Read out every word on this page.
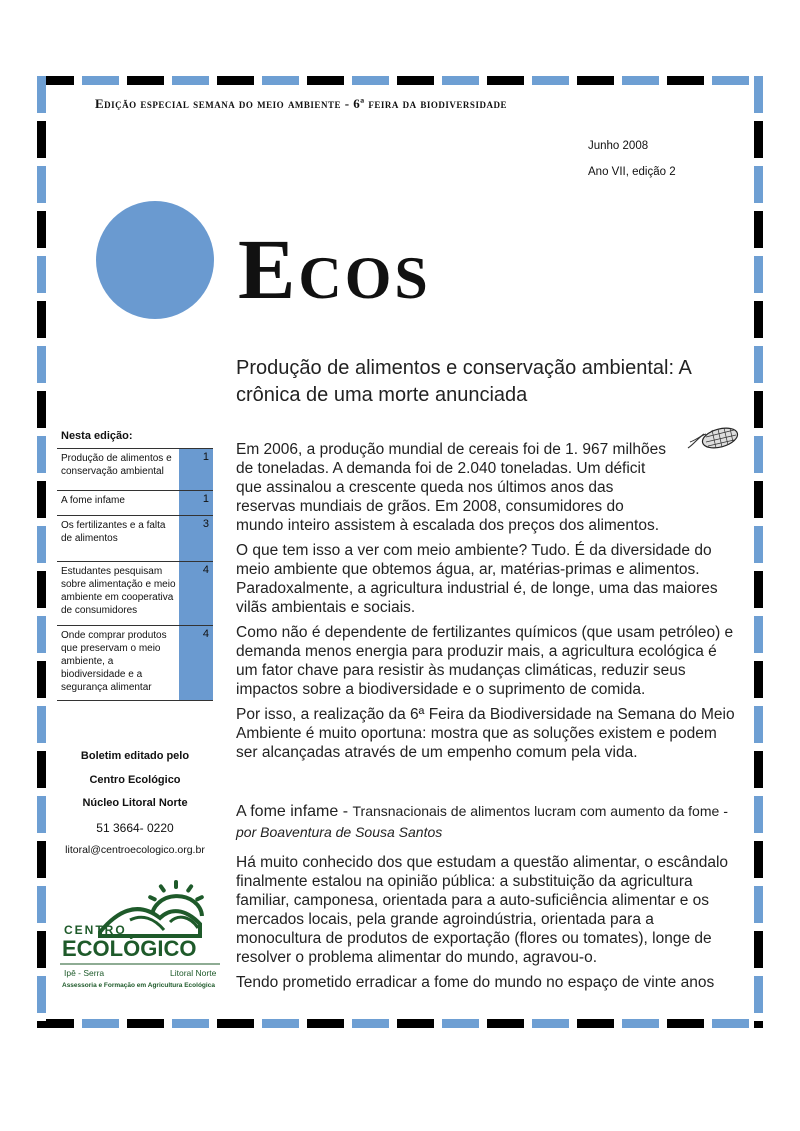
Edição especial semana do meio ambiente - 6ª feira da biodiversidade
Junho 2008
Ano VII, edição 2
Ecos
Produção de alimentos e conservação ambiental: A crônica de uma morte anunciada
Nesta edição:
Produção de alimentos e conservação ambiental
1
A fome infame	1
Os fertilizantes e a falta de alimentos
3
Estudantes pesquisam sobre alimentação e meio ambiente em cooperativa de consumidores
4
Onde comprar produtos que preservam o meio ambiente, a biodiversidade e a segurança alimentar
4
Boletim editado pelo
Centro Ecológico
Núcleo Litoral Norte
51 3664- 0220
litoral@centroecologico.org.br
CENTRO
ECOLÓGICO
Ipê - Serra	Litoral Norte
Assessoria e Formação em Agricultura Ecológica

Em 2006, a produção mundial de cereais foi de 1. 967 milhões de toneladas. A demanda foi de 2.040 toneladas. Um déficit que assinalou a crescente queda nos últimos anos das reservas mundiais de grãos. Em 2008, consumidores do mundo inteiro assistem à escalada dos preços dos alimentos.

O que tem isso a ver com meio ambiente? Tudo. É da diversidade do meio ambiente que obtemos água, ar, matérias-primas e alimentos. Paradoxalmente, a agricultura industrial é, de longe, uma das maiores vilãs ambientais e sociais.

Como não é dependente de fertilizantes químicos (que usam petróleo) e demanda menos energia para produzir mais, a agricultura ecológica é um fator chave para resistir às mudanças climáticas, reduzir seus impactos sobre a biodiversidade e o suprimento de comida.

Por isso, a realização da 6ª Feira da Biodiversidade na Semana do Meio Ambiente é muito oportuna: mostra que as soluções existem e podem ser alcançadas através de um empenho comum pela vida.

A fome infame - Transnacionais de alimentos lucram com aumento da fome - por Boaventura de Sousa Santos

Há muito conhecido dos que estudam a questão alimentar, o escândalo finalmente estalou na opinião pública: a substituição da agricultura familiar, camponesa, orientada para a auto-suficiência alimentar e os mercados locais, pela grande agroindústria, orientada para a monocultura de produtos de exportação (flores ou tomates), longe de resolver o problema alimentar do mundo, agravou-o.

Tendo prometido erradicar a fome do mundo no espaço de vinte anos
